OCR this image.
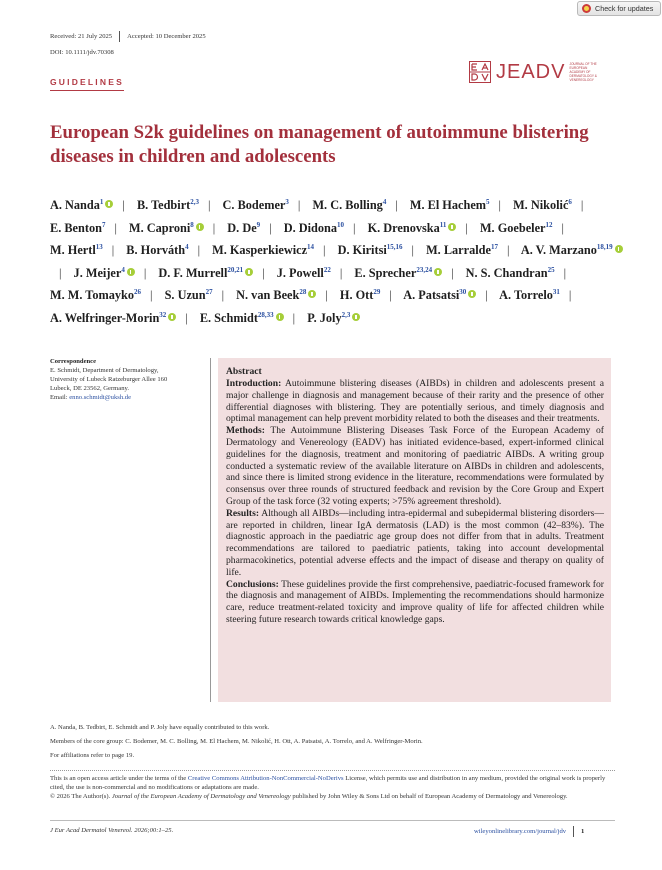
Check for updates
Received: 21 July 2025 Accepted: 10 December 2025
DOI: 10.1111/jdv.70308
GUIDELINES	JEADV JOURNAL OF THE EUROPEAN ACADEMY OF DERMATOLOGY & VENEREOLOGY
European S2k guidelines on management of autoimmune blistering diseases in children and adolescents
A. Nanda$^1$ | B. Tedbirt$^{2,3}$ | C. Bodemer$^3$ | M. C. Bolling$^4$ | M. El Hachem$^5$ | M. Nikolić$^6$ | E. Benton$^7$ | M. Caproni$^8$ | D. De$^9$ | D. Didona$^{10}$ | K. Drenovska$^{11}$ | M. Goebeler$^{12}$ | M. Hertl$^{13}$ | B. Horváth$^4$ | M. Kasperkiewicz$^{14}$ | D. Kiritsi$^{15,16}$ | M. Larralde$^{17}$ | A. V. Marzano$^{18,19}$| J. Meijer$^4$ | D. F. Murrell$^{20,21}$ | J. Powell$^{22}$ | E. Sprecher$^{23,24}$ | N. S. Chandran$^{25}$ | M. M. Tomayko$^{26}$ | S. Uzun$^{27}$ | N. van Beek$^{28}$ | H. Ott$^{29}$ | A. Patsatsi$^{30}$ | A. Torrelo$^{31}$ | A. Welfringer-Morin$^{32}$ | E. Schmidt$^{28,33}$ | P. Joly$^{2,3}$
Correspondence
E. Schmidt, Department of Dermatology,
University of Lubeck Ratzeburger Allee 160
Lubeck, DE 23562, Germany.
Email: enno.schmidt@uksh.de
Abstract

Introduction: Autoimmune blistering diseases (AIBDs) in children and adolescents present a major challenge in diagnosis and management because of their rarity and the presence of other differential diagnoses with blistering. They are potentially serious, and timely diagnosis and optimal management can help prevent morbidity related to both the diseases and their treatments.

Methods: The Autoimmune Blistering Diseases Task Force of the European Academy of Dermatology and Venereology (EADV) has initiated evidence-based, expert-informed clinical guidelines for the diagnosis, treatment and monitoring of paediatric AIBDs. A writing group conducted a systematic review of the available literature on AIBDs in children and adolescents, and since there is limited strong evidence in the literature, recommendations were formulated by consensus over three rounds of structured feedback and revision by the Core Group and Expert Group of the task force (32 voting experts; >75% agreement threshold).

Results: Although all AIBDs—including intra-epidermal and subepidermal blistering disorders—are reported in children, linear IgA dermatosis (LAD) is the most common (42–83%). The diagnostic approach in the paediatric age group does not differ from that in adults. Treatment recommendations are tailored to paediatric patients, taking into account developmental pharmacokinetics, potential adverse effects and the impact of disease and therapy on quality of life.

Conclusions: These guidelines provide the first comprehensive, paediatric-focused framework for the diagnosis and management of AIBDs. Implementing the recommendations should harmonize care, reduce treatment-related toxicity and improve quality of life for affected children while steering future research towards critical knowledge gaps.

A. Nanda, B. Tedbirt, E. Schmidt and P. Joly have equally contributed to this work.
Members of the core group: C. Bodemer, M. C. Bolling, M. El Hachem, M. Nikolić, H. Ott, A. Patsatsi, A. Torrelo, and A. Welfringer-Morin.
For affiliations refer to page 19.
This is an open access article under the terms of the Creative Commons Attribution-NonCommercial-NoDerivs License, which permits use and distribution in any medium, provided the original work is properly cited, the use is non-commercial and no modifications or adaptations are made.
© 2026 The Author(s). Journal of the European Academy of Dermatology and Venereology published by John Wiley & Sons Ltd on behalf of European Academy of Dermatology and Venereology.
J Eur Acad Dermatol Venereol. 2026;00:1–25.	wileyonlinelibrary.com/journal/jdv 1
